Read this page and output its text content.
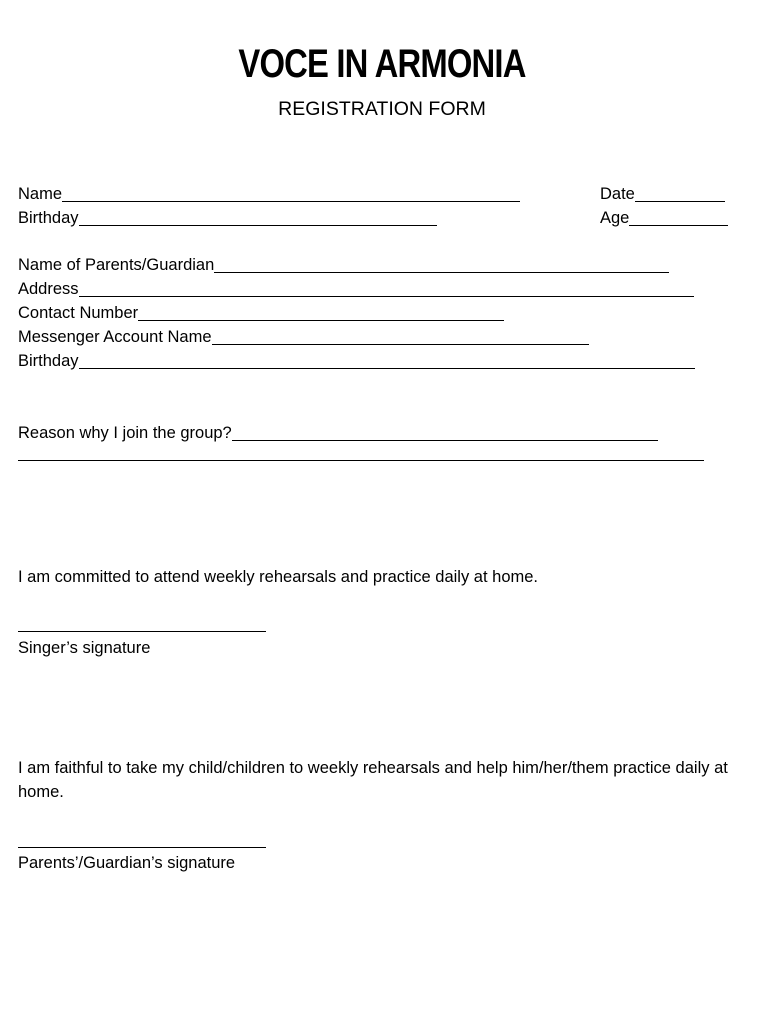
VOCE IN ARMONIA
REGISTRATION FORM
Name	Date
Birthday	Age
Name of Parents/Guardian
Address
Contact Number
Messenger Account Name
Birthday
Reason why I join the group?
I am committed to attend weekly rehearsals and practice daily at home.
Singer’s signature
I am faithful to take my child/children to weekly rehearsals and help him/her/them practice daily at home.
Parents’/Guardian’s signature
